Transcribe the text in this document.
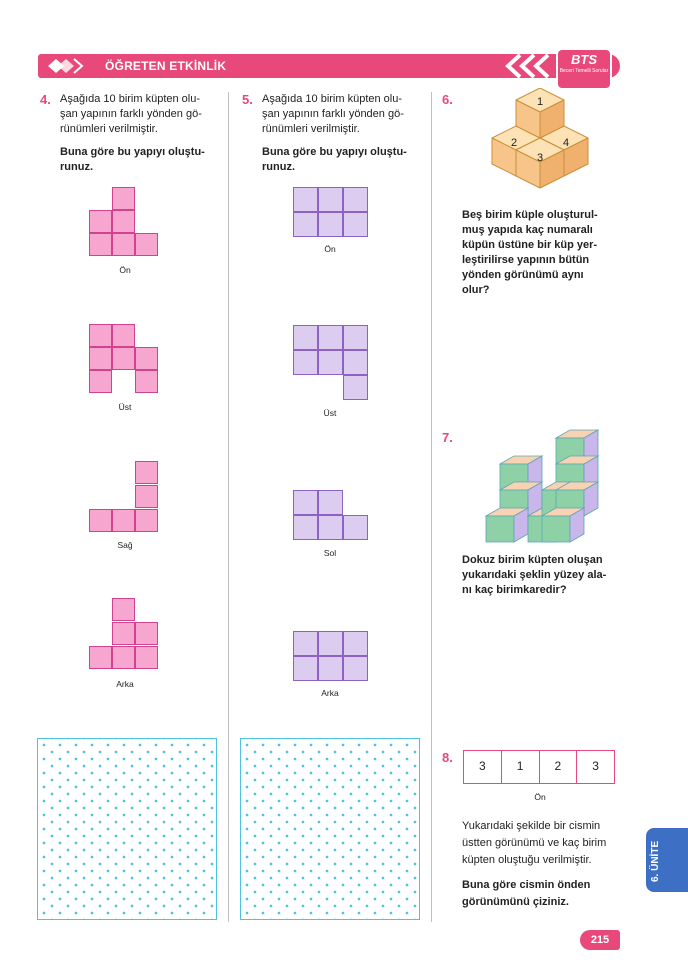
ÖĞRETEN ETKİNLİK	BTS
Beceri Temelli Sorular
4. Aşağıda 10 birim küpten olu-
şan yapının farklı yönden gö-
rünümleri verilmiştir.
Buna göre bu yapıyı oluştu-
runuz.
Ön
Üst
Sağ
Arka
5. Aşağıda 10 birim küpten olu-
şan yapının farklı yönden gö-
rünümleri verilmiştir.
Buna göre bu yapıyı oluştu-
runuz.
Ön
Üst
Sol
Arka
6.	1
2
3
4
Beş birim küple oluşturul-
muş yapıda kaç numaralı
küpün üstüne bir küp yer-
leştirilirse yapının bütün
yönden görünümü aynı
olur?
7.
Dokuz birim küpten oluşan
yukarıdaki şeklin yüzey ala-
nı kaç birimkaredir?
8.
3	1	2	3
Ön
Yukarıdaki şekilde bir cismin
üstten görünümü ve kaç birim
küpten oluştuğu verilmiştir.
Buna göre cismin önden
görünümünü çiziniz.
6. ÜNİTE
215
